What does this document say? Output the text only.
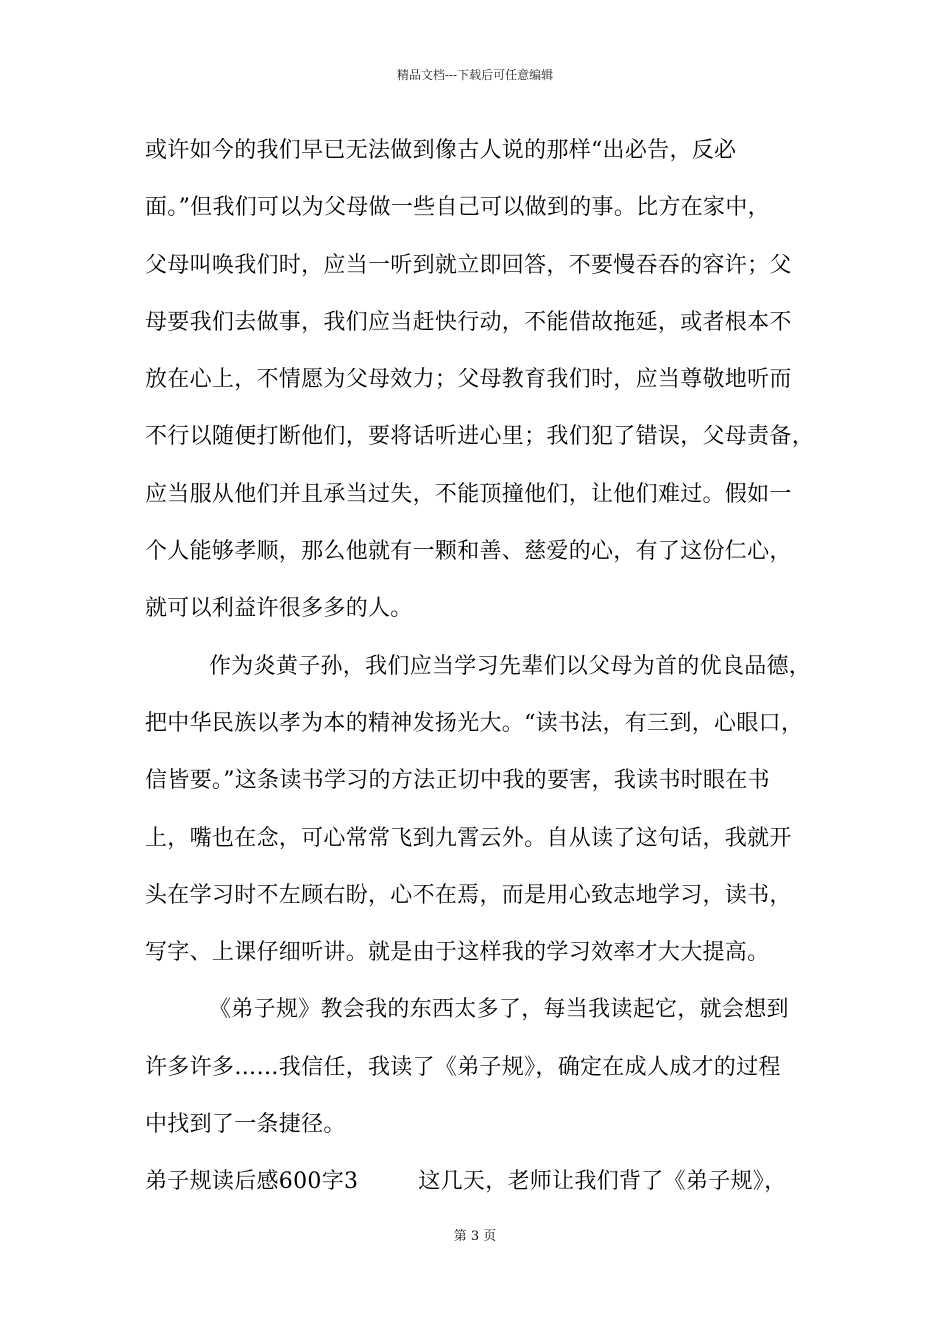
精品文档---下载后可任意编辑
或许如今的我们早已无法做到像古人说的那样“出必告，反必
面。”但我们可以为父母做一些自己可以做到的事。比方在家中，
父母叫唤我们时，应当一听到就立即回答，不要慢吞吞的容许；父
母要我们去做事，我们应当赶快行动，不能借故拖延，或者根本不
放在心上，不情愿为父母效力；父母教育我们时，应当尊敬地听而
不行以随便打断他们，要将话听进心里；我们犯了错误，父母责备，
应当服从他们并且承当过失，不能顶撞他们，让他们难过。假如一
个人能够孝顺，那么他就有一颗和善、慈爱的心，有了这份仁心，
就可以利益许很多多的人。
作为炎黄子孙，我们应当学习先辈们以父母为首的优良品德，
把中华民族以孝为本的精神发扬光大。“读书法，有三到，心眼口，
信皆要。”这条读书学习的方法正切中我的要害，我读书时眼在书
上，嘴也在念，可心常常飞到九霄云外。自从读了这句话，我就开
头在学习时不左顾右盼，心不在焉，而是用心致志地学习，读书，
写字、上课仔细听讲。就是由于这样我的学习效率才大大提高。
《弟子规》教会我的东西太多了，每当我读起它，就会想到
许多许多……我信任，我读了《弟子规》，确定在成人成才的过程
中找到了一条捷径。
弟子规读后感600字3	这几天，老师让我们背了《弟子规》，
第 3 页
